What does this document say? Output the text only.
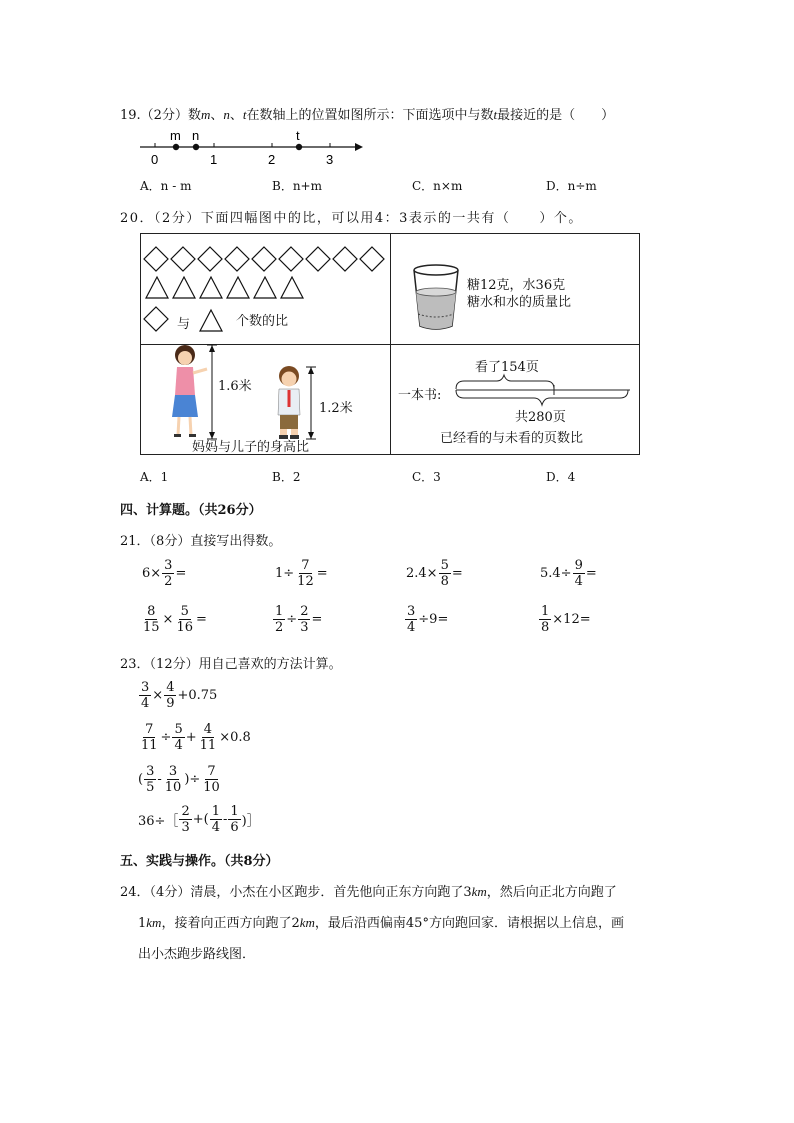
19.（2分）数m、n、t在数轴上的位置如图所示：下面选项中与数t最接近的是（　　）
m n	t
0	1	2	3
A．n - m	B．n+m	C．n×m	D．n÷m
20．（2分）下面四幅图中的比，可以用4：3表示的一共有（　　）个。
与	个数的比
糖12克，水36克
糖水和水的质量比
1.6米
1.2米
妈妈与儿子的身高比
看了154页
一本书:
共280页
已经看的与未看的页数比
A．1	B．2	C．3	D．4
四、计算题。（共26分）
21．（8分）直接写出得数。
$6\times \frac{3}{2}$ =	$1\div \frac{7}{12}$ =	$2.4\times \frac{5}{8}$ =	$5.4\div \frac{9}{4}$ =
$\frac{8}{15} \times \frac{5}{16}$ =	$\frac{1}{2} \div \frac{2}{3}$ =	$\frac{3}{4} \div 9=$	$\frac{1}{8} \times 12=$
23．（12分）用自己喜欢的方法计算。
$\frac{3}{4} \times \frac{4}{9} +0.75$
$\frac{7}{11} \div \frac{5}{4} + \frac{4}{11} \times 0.8$
(
3
5
-
3
10
)÷ $\frac{7}{10}$
36÷［
2
3
+(
1
4
-
1
6 )］
五、实践与操作。（共8分）
24．（4分）清晨，小杰在小区跑步．首先他向正东方向跑了3km，然后向正北方向跑了
1km，接着向正西方向跑了2km，最后沿西偏南45°方向跑回家．请根据以上信息，画
出小杰跑步路线图．
